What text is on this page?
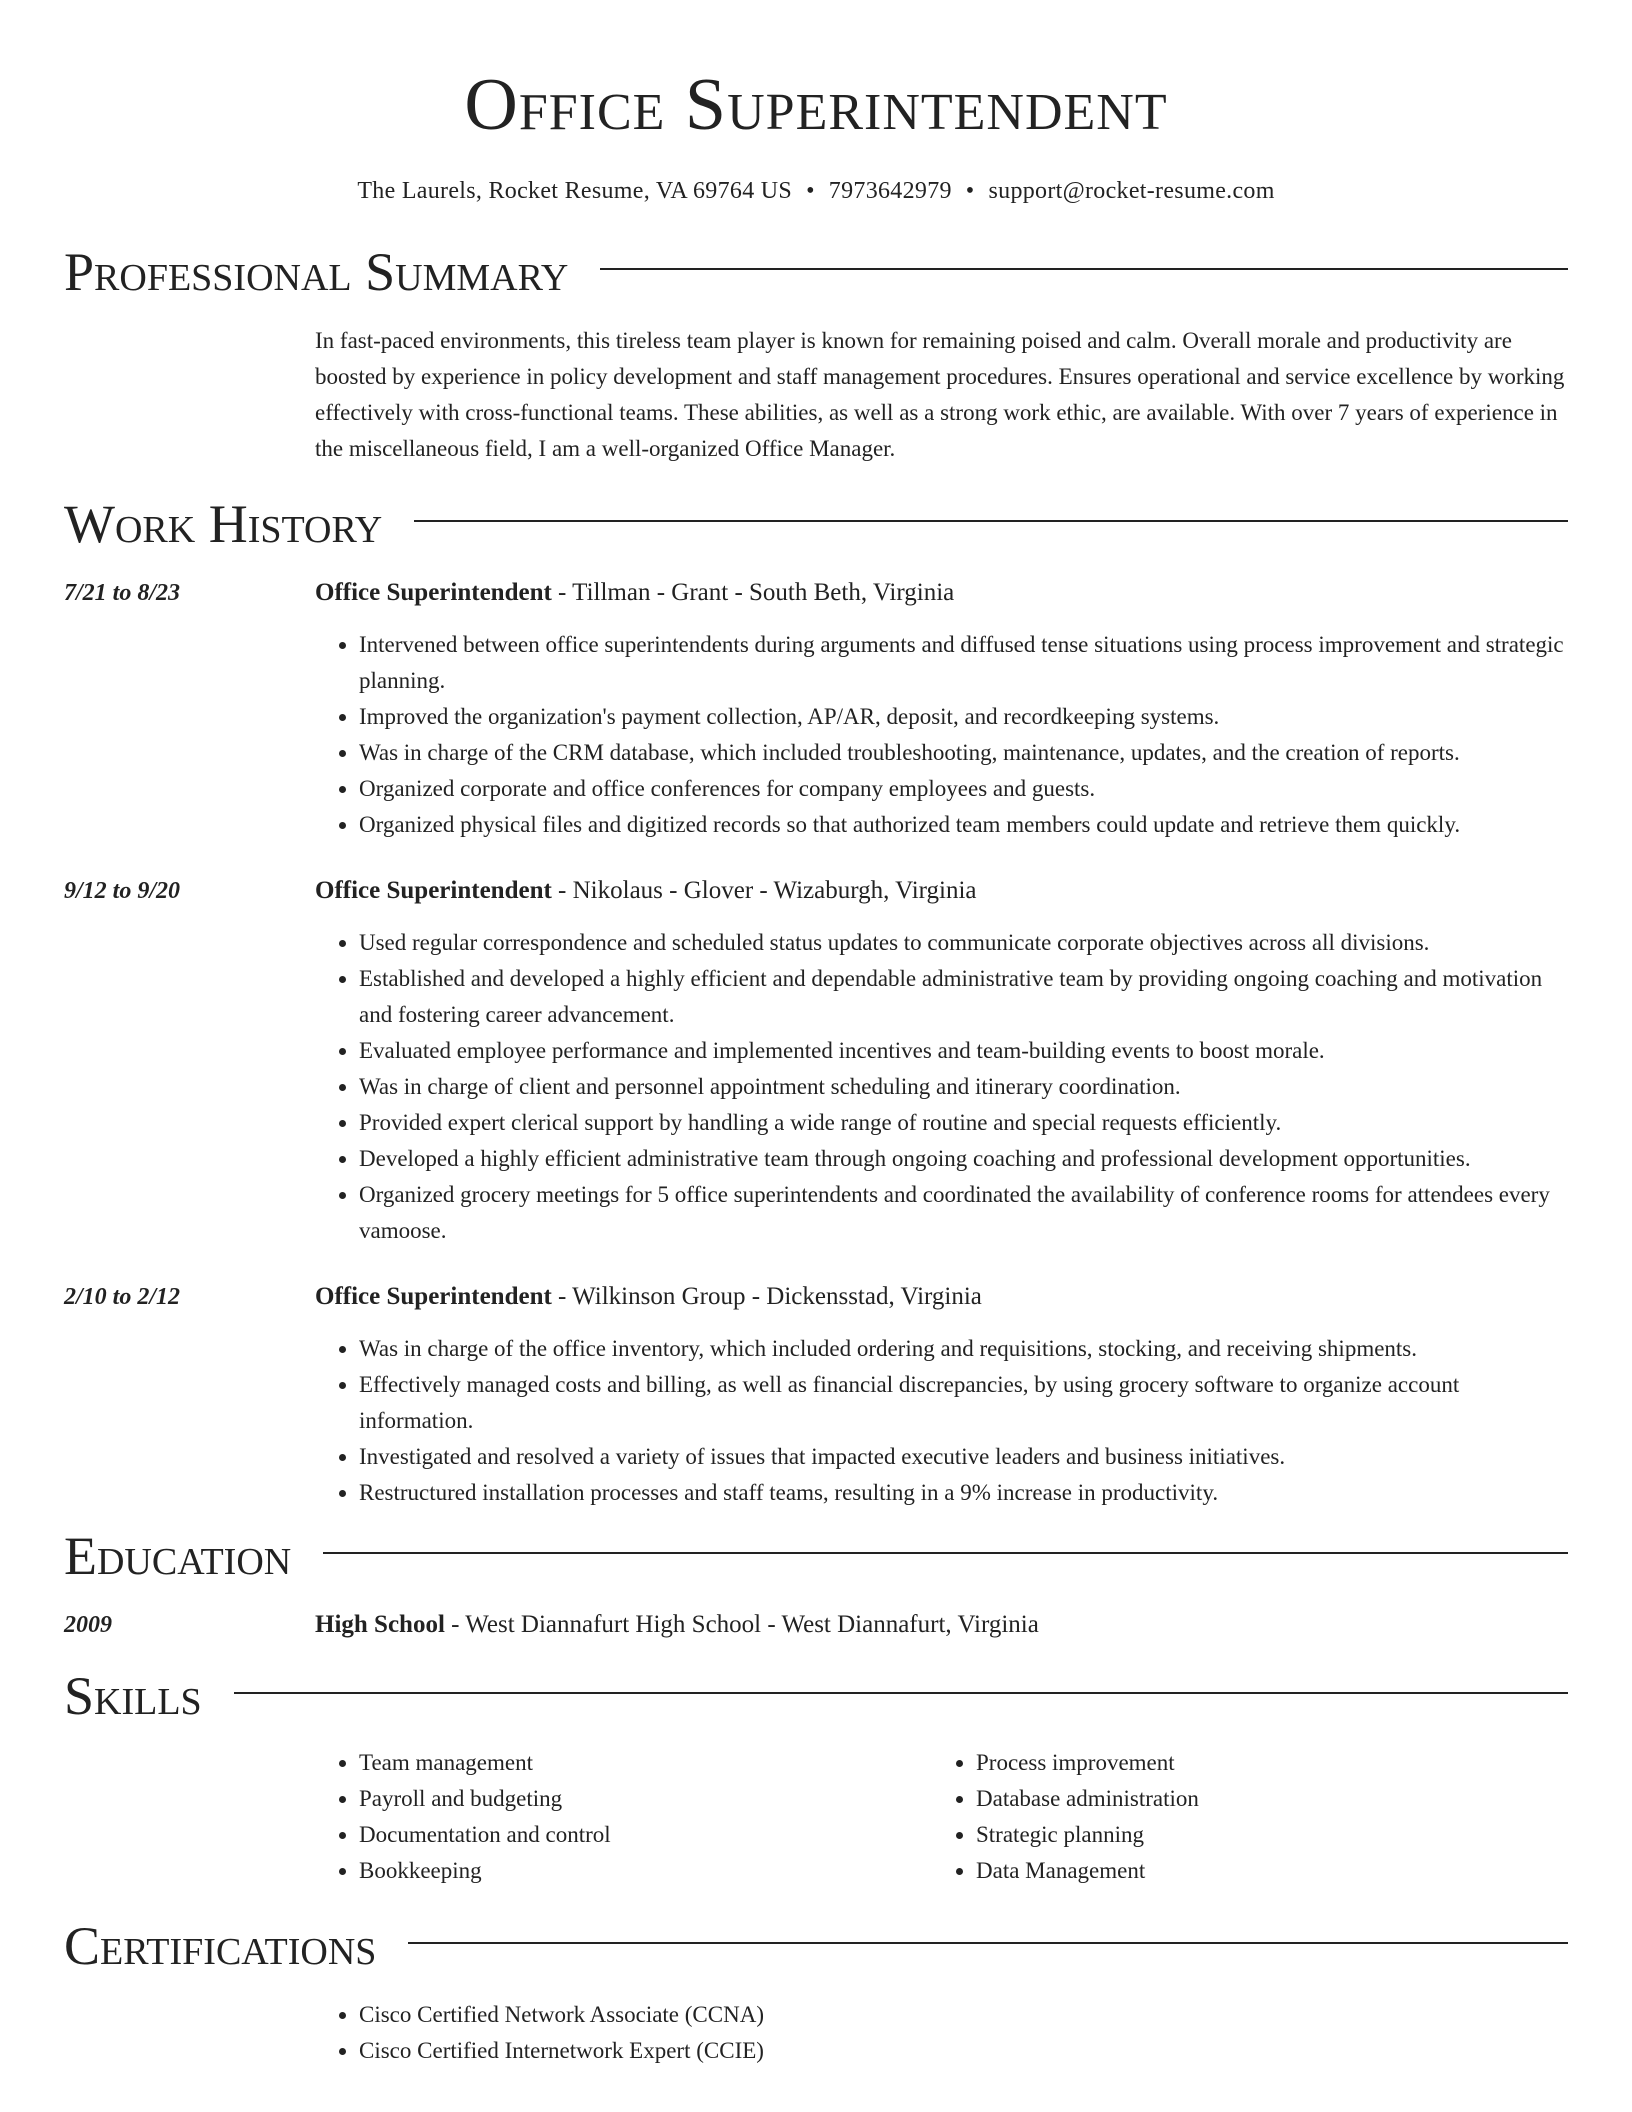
Office Superintendent
The Laurels, Rocket Resume, VA 69764 US • 7973642979 • support@rocket-resume.com
Professional Summary
In fast-paced environments, this tireless team player is known for remaining poised and calm. Overall morale and productivity are boosted by experience in policy development and staff management procedures. Ensures operational and service excellence by working effectively with cross-functional teams. These abilities, as well as a strong work ethic, are available. With over 7 years of experience in the miscellaneous field, I am a well-organized Office Manager.
Work History
7/21 to 8/23	Office Superintendent - Tillman - Grant - South Beth, Virginia
• Intervened between office superintendents during arguments and diffused tense situations using process improvement and strategic planning.
• Improved the organization's payment collection, AP/AR, deposit, and recordkeeping systems.
• Was in charge of the CRM database, which included troubleshooting, maintenance, updates, and the creation of reports.
• Organized corporate and office conferences for company employees and guests.
• Organized physical files and digitized records so that authorized team members could update and retrieve them quickly.
9/12 to 9/20	Office Superintendent - Nikolaus - Glover - Wizaburgh, Virginia
• Used regular correspondence and scheduled status updates to communicate corporate objectives across all divisions.
• Established and developed a highly efficient and dependable administrative team by providing ongoing coaching and motivation and fostering career advancement.
• Evaluated employee performance and implemented incentives and team-building events to boost morale.
• Was in charge of client and personnel appointment scheduling and itinerary coordination.
• Provided expert clerical support by handling a wide range of routine and special requests efficiently.
• Developed a highly efficient administrative team through ongoing coaching and professional development opportunities.
• Organized grocery meetings for 5 office superintendents and coordinated the availability of conference rooms for attendees every vamoose.
2/10 to 2/12	Office Superintendent - Wilkinson Group - Dickensstad, Virginia
• Was in charge of the office inventory, which included ordering and requisitions, stocking, and receiving shipments.
• Effectively managed costs and billing, as well as financial discrepancies, by using grocery software to organize account information.
• Investigated and resolved a variety of issues that impacted executive leaders and business initiatives.
• Restructured installation processes and staff teams, resulting in a 9% increase in productivity.
Education
2009	High School - West Diannafurt High School - West Diannafurt, Virginia
Skills
• Team management
• Payroll and budgeting
• Documentation and control
• Bookkeeping
• Process improvement
• Database administration
• Strategic planning
• Data Management
Certifications
• Cisco Certified Network Associate (CCNA)
• Cisco Certified Internetwork Expert (CCIE)
